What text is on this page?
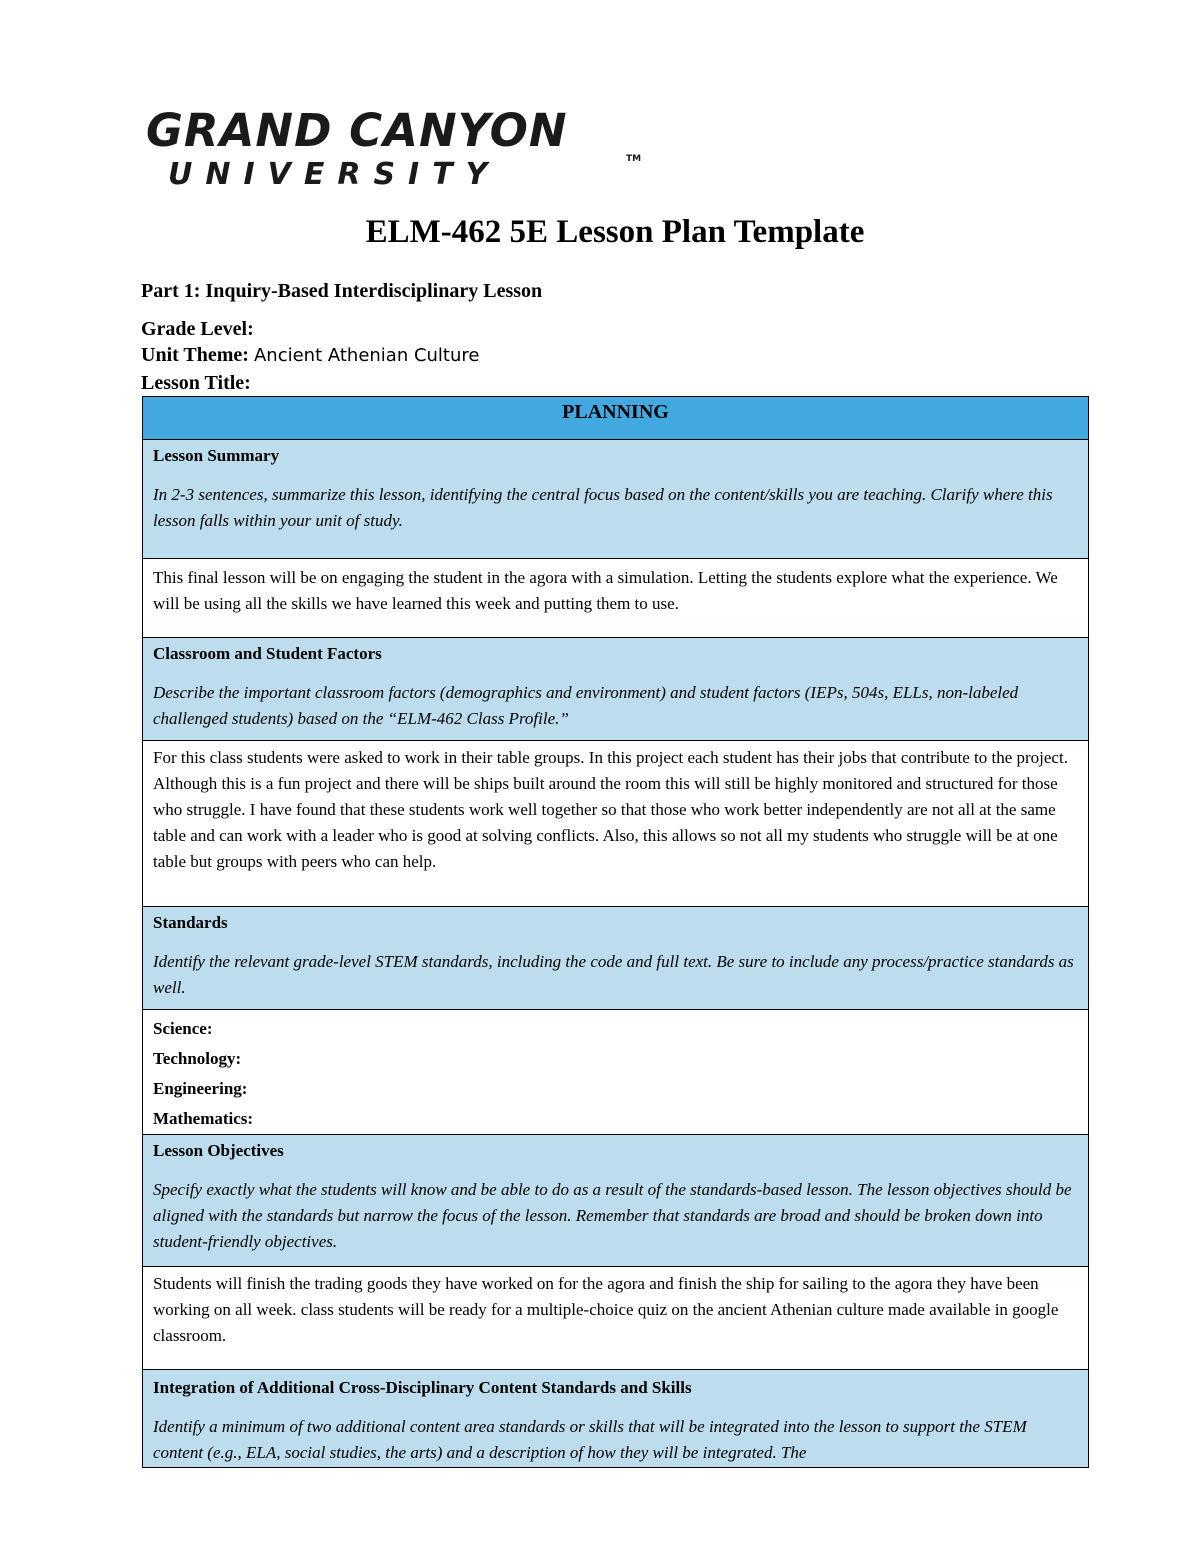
GRAND CANYON
UNIVERSITY	TM
ELM-462 5E Lesson Plan Template
Part 1: Inquiry-Based Interdisciplinary Lesson
Grade Level:
Unit Theme: Ancient Athenian Culture
Lesson Title:
PLANNING

Lesson Summary

In 2-3 sentences, summarize this lesson, identifying the central focus based on the content/skills you are teaching. Clarify where this lesson falls within your unit of study.

This final lesson will be on engaging the student in the agora with a simulation. Letting the students explore what the experience. We will be using all the skills we have learned this week and putting them to use.

Classroom and Student Factors

Describe the important classroom factors (demographics and environment) and student factors (IEPs, 504s, ELLs, non-labeled challenged students) based on the “ELM-462 Class Profile.”

For this class students were asked to work in their table groups. In this project each student has their jobs that contribute to the project. Although this is a fun project and there will be ships built around the room this will still be highly monitored and structured for those who struggle. I have found that these students work well together so that those who work better independently are not all at the same table and can work with a leader who is good at solving conflicts. Also, this allows so not all my students who struggle will be at one table but groups with peers who can help.

Standards

Identify the relevant grade-level STEM standards, including the code and full text. Be sure to include any process/practice standards as well.

Science:

Technology:

Engineering:

Mathematics:

Lesson Objectives

Specify exactly what the students will know and be able to do as a result of the standards-based lesson. The lesson objectives should be aligned with the standards but narrow the focus of the lesson. Remember that standards are broad and should be broken down into student-friendly objectives.

Students will finish the trading goods they have worked on for the agora and finish the ship for sailing to the agora they have been working on all week. class students will be ready for a multiple-choice quiz on the ancient Athenian culture made available in google classroom.

Integration of Additional Cross-Disciplinary Content Standards and Skills

Identify a minimum of two additional content area standards or skills that will be integrated into the lesson to support the STEM content (e.g., ELA, social studies, the arts) and a description of how they will be integrated. The
